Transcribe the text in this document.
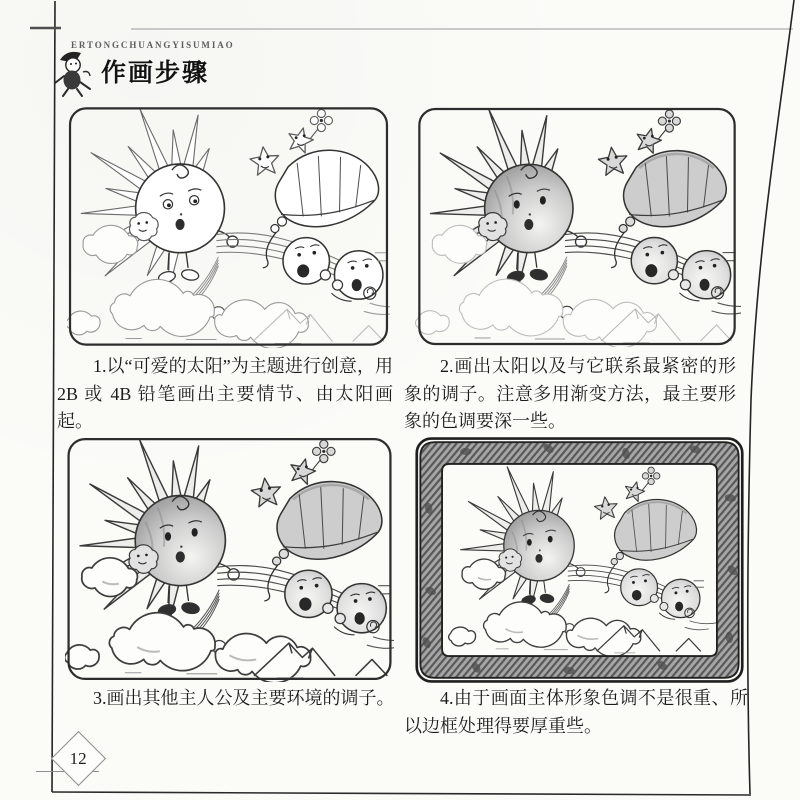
ERTONGCHUANGYISUMIAO
作画步骤

1.以“可爱的太阳”为主题进行创意，用 2B 或 4B 铅笔画出主要情节、由太阳画起。

2.画出太阳以及与它联系最紧密的形象的调子。注意多用渐变方法，最主要形象的色调要深一些。

3.画出其他主人公及主要环境的调子。	4.由于画面主体形象色调不是很重、所以边框处理得要厚重些。

12
